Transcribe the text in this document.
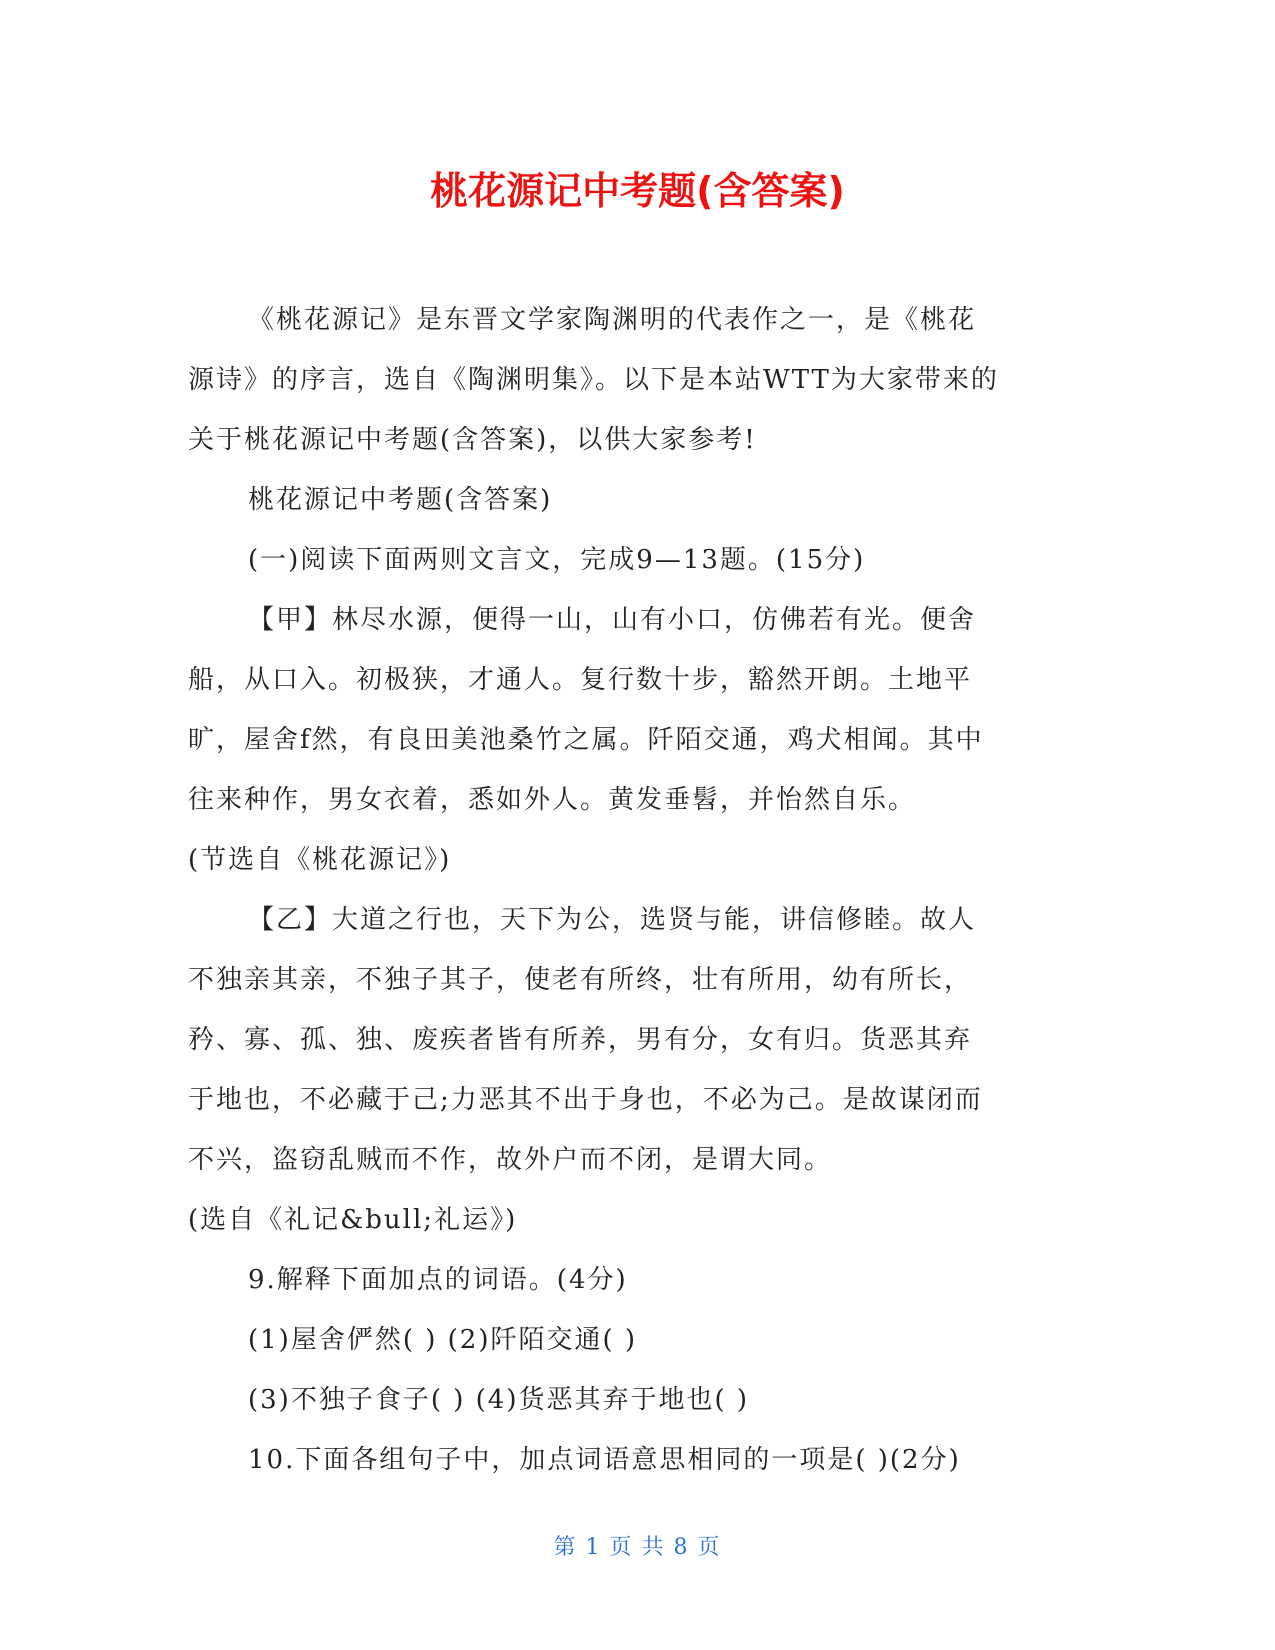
桃花源记中考题(含答案)
《桃花源记》是东晋文学家陶渊明的代表作之一，是《桃花
源诗》的序言，选自《陶渊明集》。以下是本站WTT为大家带来的
关于桃花源记中考题(含答案)，以供大家参考!
桃花源记中考题(含答案)
(一)阅读下面两则文言文，完成9—13题。(15分)
【甲】林尽水源，便得一山，山有小口，仿佛若有光。便舍
船，从口入。初极狭，才通人。复行数十步，豁然开朗。土地平
旷，屋舍f然，有良田美池桑竹之属。阡陌交通，鸡犬相闻。其中
往来种作，男女衣着，悉如外人。黄发垂髫，并怡然自乐。
(节选自《桃花源记》)
【乙】大道之行也，天下为公，选贤与能，讲信修睦。故人
不独亲其亲，不独子其子，使老有所终，壮有所用，幼有所长，
矜、寡、孤、独、废疾者皆有所养，男有分，女有归。货恶其弃
于地也，不必藏于己;力恶其不出于身也，不必为己。是故谋闭而
不兴，盗窃乱贼而不作，故外户而不闭，是谓大同。
(选自《礼记&bull;礼运》)
9.解释下面加点的词语。(4分)
(1)屋舍俨然( ) (2)阡陌交通( )
(3)不独子食子( ) (4)货恶其弃于地也( )
10.下面各组句子中，加点词语意思相同的一项是( )(2分)
第 1 页 共 8 页
